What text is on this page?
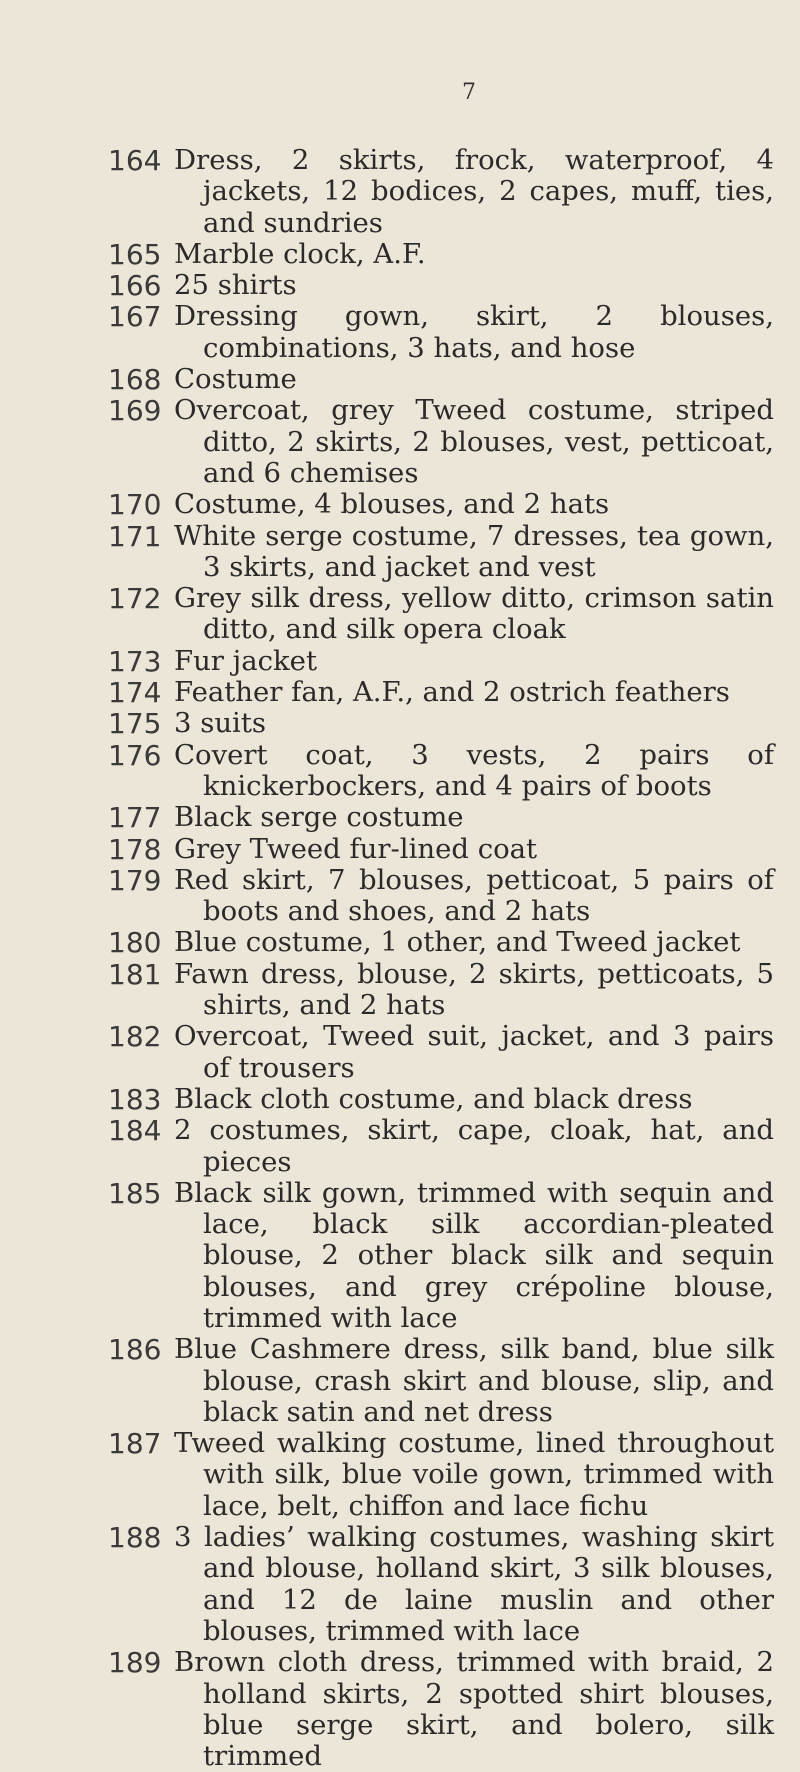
7
164 Dress, 2 skirts, frock, waterproof, 4 jackets, 12 bodices, 2 capes, muff, ties, and sundries
165 Marble clock, A.F.
166 25 shirts
167 Dressing gown, skirt, 2 blouses, combinations, 3 hats, and hose
168 Costume
169 Overcoat, grey Tweed costume, striped ditto, 2 skirts, 2 blouses, vest, petticoat, and 6 chemises
170 Costume, 4 blouses, and 2 hats
171 White serge costume, 7 dresses, tea gown, 3 skirts, and jacket and vest
172 Grey silk dress, yellow ditto, crimson satin ditto, and silk opera cloak
173 Fur jacket
174 Feather fan, A.F., and 2 ostrich feathers
175 3 suits
176 Covert coat, 3 vests, 2 pairs of knickerbockers, and 4 pairs of boots
177 Black serge costume
178 Grey Tweed fur-lined coat
179 Red skirt, 7 blouses, petticoat, 5 pairs of boots and shoes, and 2 hats
180 Blue costume, 1 other, and Tweed jacket
181 Fawn dress, blouse, 2 skirts, petticoats, 5 shirts, and 2 hats
182 Overcoat, Tweed suit, jacket, and 3 pairs of trousers
183 Black cloth costume, and black dress
184 2 costumes, skirt, cape, cloak, hat, and pieces
185 Black silk gown, trimmed with sequin and lace, black silk accordian-pleated blouse, 2 other black silk and sequin blouses, and grey crépoline blouse, trimmed with lace
186 Blue Cashmere dress, silk band, blue silk blouse, crash skirt and blouse, slip, and black satin and net dress
187 Tweed walking costume, lined throughout with silk, blue voile gown, trimmed with lace, belt, chiffon and lace fichu
188 3 ladies’ walking costumes, washing skirt and blouse, holland skirt, 3 silk blouses, and 12 de laine muslin and other blouses, trimmed with lace
189 Brown cloth dress, trimmed with braid, 2 holland skirts, 2 spotted shirt blouses, blue serge skirt, and bolero, silk trimmed
